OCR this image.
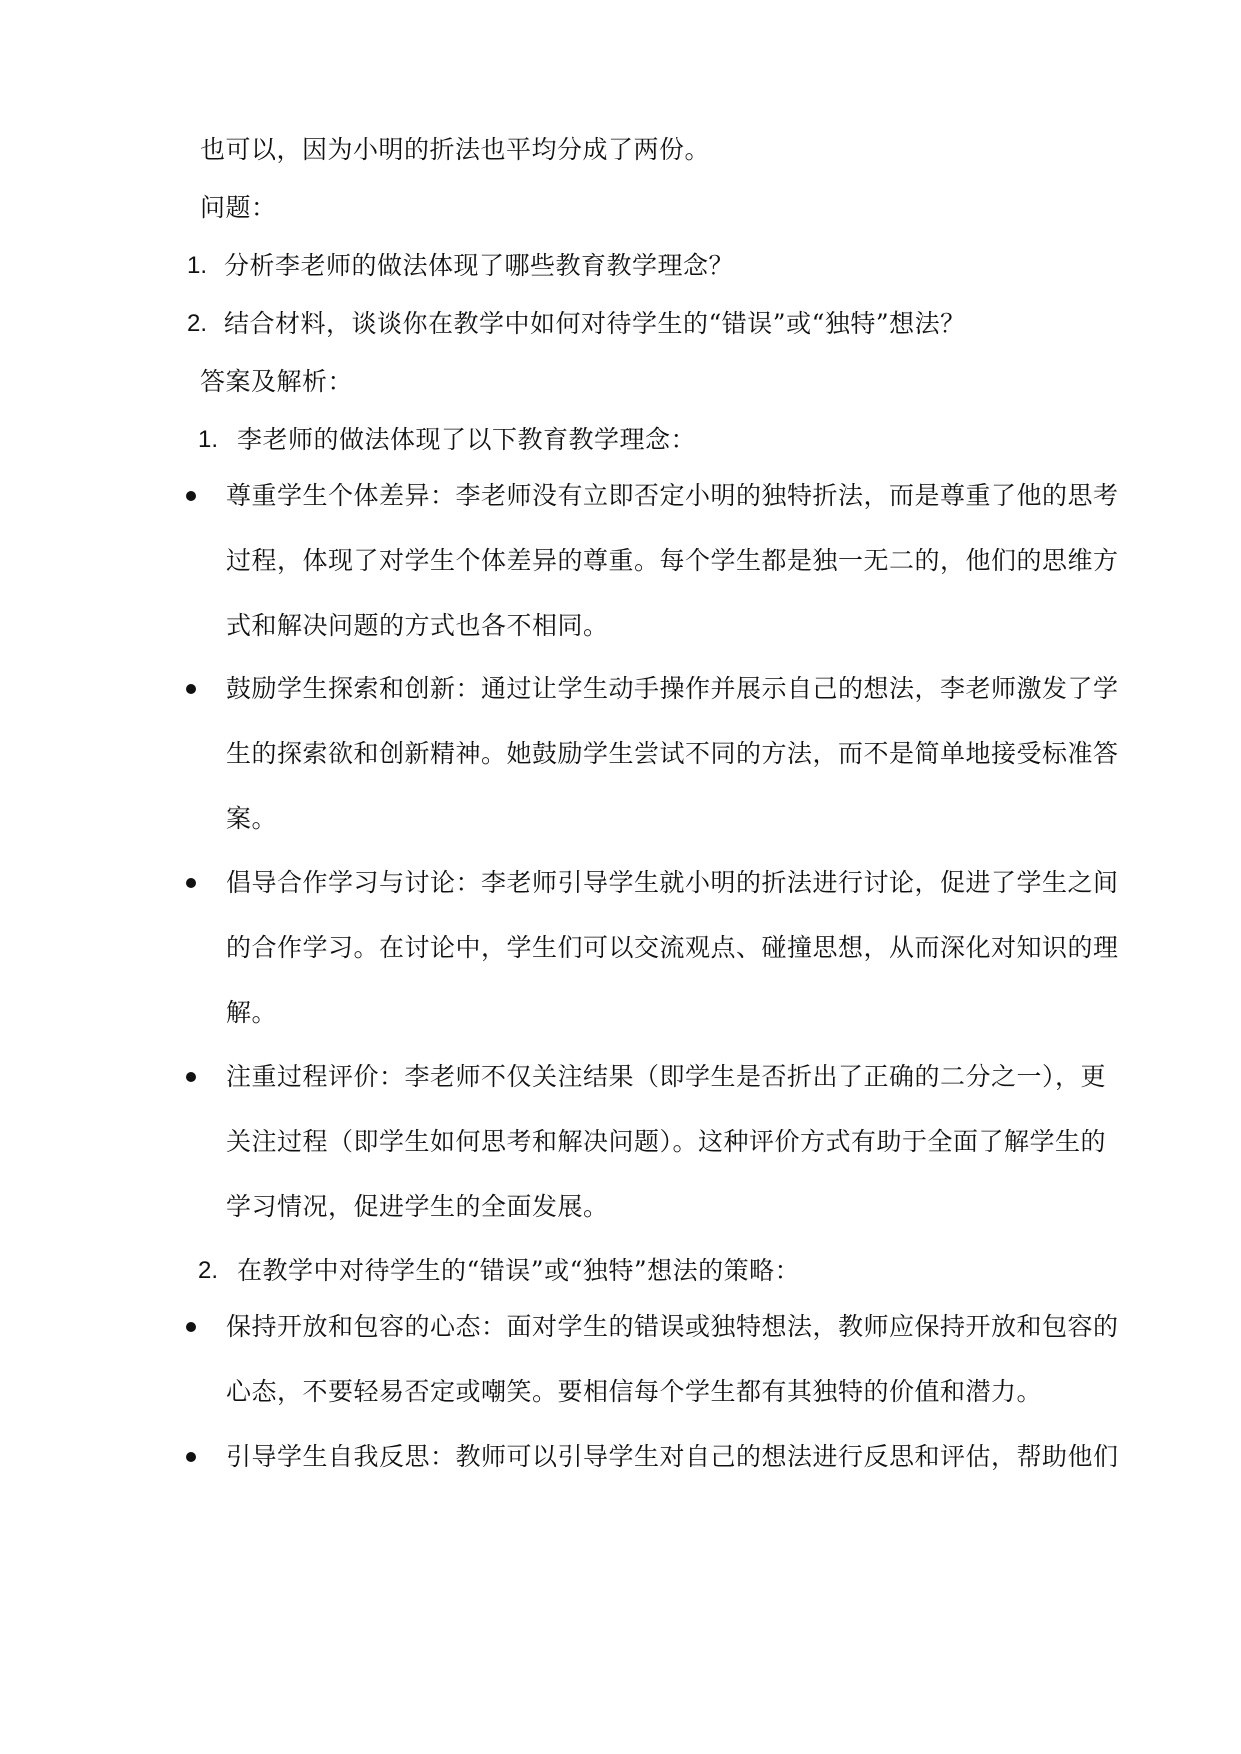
也可以，因为小明的折法也平均分成了两份。
问题：
1. 分析李老师的做法体现了哪些教育教学理念？
2. 结合材料，谈谈你在教学中如何对待学生的“错误”或“独特”想法？
答案及解析：
1. 李老师的做法体现了以下教育教学理念：
尊重学生个体差异：李老师没有立即否定小明的独特折法，而是尊重了他的思考
过程，体现了对学生个体差异的尊重。每个学生都是独一无二的，他们的思维方
式和解决问题的方式也各不相同。
鼓励学生探索和创新：通过让学生动手操作并展示自己的想法，李老师激发了学
生的探索欲和创新精神。她鼓励学生尝试不同的方法，而不是简单地接受标准答
案。
倡导合作学习与讨论：李老师引导学生就小明的折法进行讨论，促进了学生之间
的合作学习。在讨论中，学生们可以交流观点、碰撞思想，从而深化对知识的理
解。
注重过程评价：李老师不仅关注结果（即学生是否折出了正确的二分之一），更
关注过程（即学生如何思考和解决问题）。这种评价方式有助于全面了解学生的
学习情况，促进学生的全面发展。
2. 在教学中对待学生的“错误”或“独特”想法的策略：
保持开放和包容的心态：面对学生的错误或独特想法，教师应保持开放和包容的
心态，不要轻易否定或嘲笑。要相信每个学生都有其独特的价值和潜力。
引导学生自我反思：教师可以引导学生对自己的想法进行反思和评估，帮助他们
